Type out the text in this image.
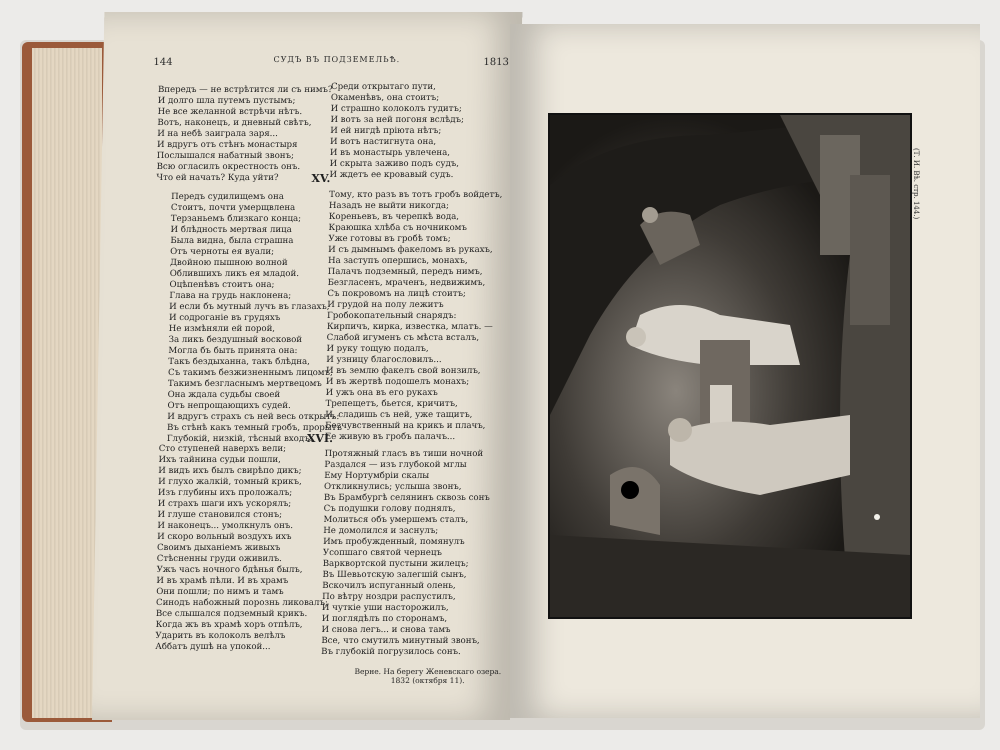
144	СУДЪ ВЪ ПОДЗЕМЕЛЬѢ.	1813
Впередъ — не встрѣтится ли съ нимъ?
И долго шла путемъ пустымъ;
Не все желанной встрѣчи нѣтъ.
Вотъ, наконецъ, и дневный свѣтъ,
И на небѣ заиграла заря...
И вдругъ отъ стѣнъ монастыря
Послышался набатный звонъ;
Всю огласилъ окрестность онъ.
Что ей начать? Куда уйти?
Передъ судилищемъ она
Стоитъ, почти умерщвлена
Терзаньемъ близкаго конца;
И блѣдность мертвая лица
Была видна, была страшна
Отъ черноты ея вуали;
Двойною пышною волной
Облившихъ ликъ ея младой.
Оцѣпенѣвъ стоитъ она;
Глава на грудь наклонена;
И если бъ мутный лучъ въ глазахъ,
И содроганіе въ грудяхъ
Не измѣняли ей порой,
За ликъ бездушный восковой
Могла бъ быть принята она:
Такъ бездыханна, такъ блѣдна,
Съ такимъ безжизненнымъ лицомъ,
Такимъ безгласнымъ мертвецомъ
Она ждала судьбы своей
Отъ непрощающихъ судей.
И вдругъ страхъ съ ней весь открытъ:
Въ стѣнѣ какъ темный гробъ, прорытъ
Глубокій, низкій, тѣсный входъ.
Сто ступеней наверхъ вели;
Ихъ тайнина судьи пошли,
И видъ ихъ былъ свирѣпо дикъ;
И глухо жалкій, томный крикъ,
Изъ глубины ихъ проложалъ;
И страхъ шаги ихъ ускорялъ;
И глуше становился стонъ;
И наконецъ... умолкнулъ онъ.
И скоро вольный воздухъ ихъ
Своимъ дыханіемъ живыхъ
Стѣсненны груди оживилъ.
Ужъ часъ ночного бдѣнья былъ,
И въ храмѣ пѣли. И въ храмъ
Они пошли; по нимъ и тамъ
Синодъ набожный порознь ликовалъ;
Все слышался подземный крикъ.
Когда жъ въ храмѣ хоръ отпѣлъ,
Ударить въ колоколъ велѣлъ
Аббатъ душѣ на упокой...
Среди открытаго пути,
Окаменѣвъ, она стоитъ;
И страшно колоколъ гудитъ;
И вотъ за ней погоня вслѣдъ;
И ей нигдѣ пріюта нѣтъ;
И вотъ настигнута она,
И въ монастырь увлечена,
И скрыта заживо подъ судъ,
И ждетъ ее кровавый судъ.
XV.
Тому, кто разъ въ тотъ гробъ войдетъ,
Назадъ не выйти никогда;
Кореньевъ, въ черепкѣ вода,
Краюшка хлѣба съ ночникомъ
Уже готовы въ гробѣ томъ;
И съ дымнымъ факеломъ въ рукахъ,
На заступъ опершись, монахъ,
Палачъ подземный, передъ нимъ,
Безгласенъ, мраченъ, недвижимъ,
Съ покровомъ на лицѣ стоитъ;
И грудой на полу лежитъ
Гробокопательный снарядъ:
Кирпичъ, кирка, известка, млатъ. —
Слабой игуменъ съ мѣста всталъ,
И руку тощую подалъ,
И узницу благословилъ...
И въ землю факелъ свой вонзилъ,
И въ жертвѣ подошелъ монахъ;
И ужъ она въ его рукахъ
Трепещетъ, бьется, кричитъ,
И, сладишь съ ней, уже тащитъ,
Безчувственный на крикъ и плачъ,
Ее живую въ гробъ палачъ...
XVI.
Протяжный гласъ въ тиши ночной
Раздался — изъ глубокой мглы
Ему Нортумбріи скалы
Откликнулись; услыша звонъ,
Въ Брамбургѣ селянинъ сквозь сонъ
Съ подушки голову поднялъ,
Молиться объ умершемъ сталъ,
Не домолился и заснулъ;
Имъ пробужденный, помянулъ
Усопшаго святой чернецъ
Варквортской пустыни жилецъ;
Въ Шевьотскую залегшій сынъ,
Вскочилъ испуганный олень,
По вѣтру ноздри распустилъ,
И чуткіе уши насторожилъ,
И поглядѣлъ по сторонамъ,
И снова легъ... и снова тамъ
Все, что смутилъ минутный звонъ,
Въ глубокій погрузилось сонъ.
Верне. На берегу Женевскаго озера.
1832 (октября 11).
(Т. И. Вѣ. стр. 144.)
